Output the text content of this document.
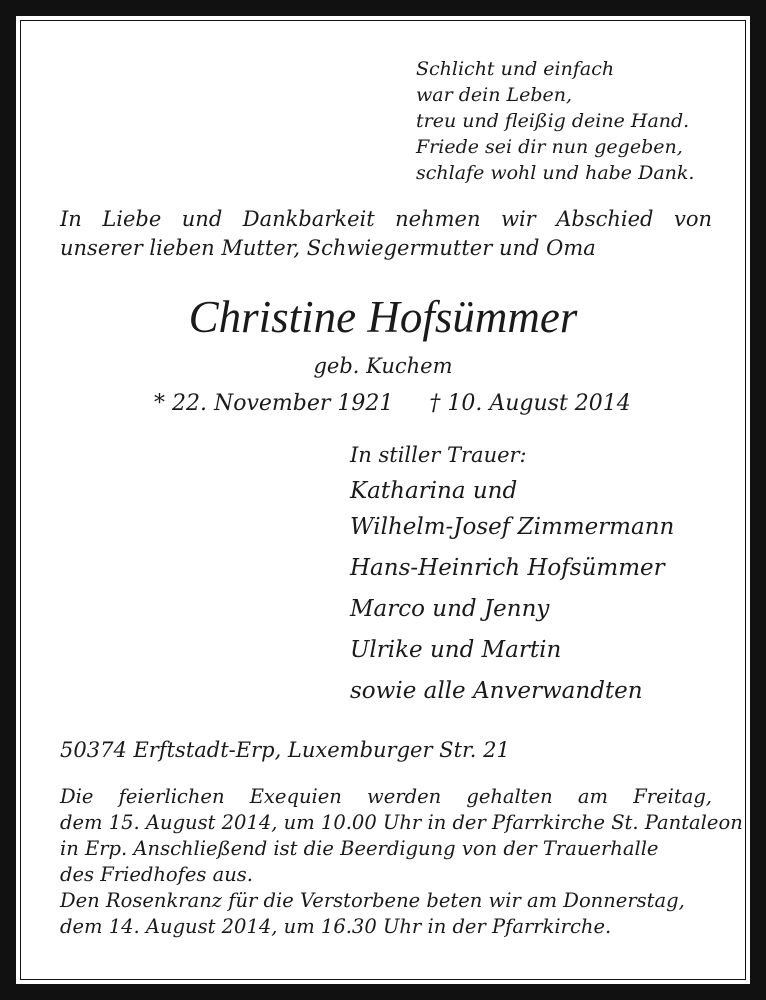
Schlicht und einfach
war dein Leben,
treu und fleißig deine Hand.
Friede sei dir nun gegeben,
schlafe wohl und habe Dank.
In Liebe und Dankbarkeit nehmen wir Abschied von
unserer lieben Mutter, Schwiegermutter und Oma
Christine Hofsümmer
geb. Kuchem
* 22. November 1921 † 10. August 2014
In stiller Trauer:
Katharina und
Wilhelm-Josef Zimmermann
Hans-Heinrich Hofsümmer
Marco und Jenny
Ulrike und Martin
sowie alle Anverwandten
50374 Erftstadt-Erp, Luxemburger Str. 21
Die feierlichen Exequien werden gehalten am Freitag,
dem 15. August 2014, um 10.00 Uhr in der Pfarrkirche St. Pantaleon
in Erp. Anschließend ist die Beerdigung von der Trauerhalle
des Friedhofes aus.
Den Rosenkranz für die Verstorbene beten wir am Donnerstag,
dem 14. August 2014, um 16.30 Uhr in der Pfarrkirche.
